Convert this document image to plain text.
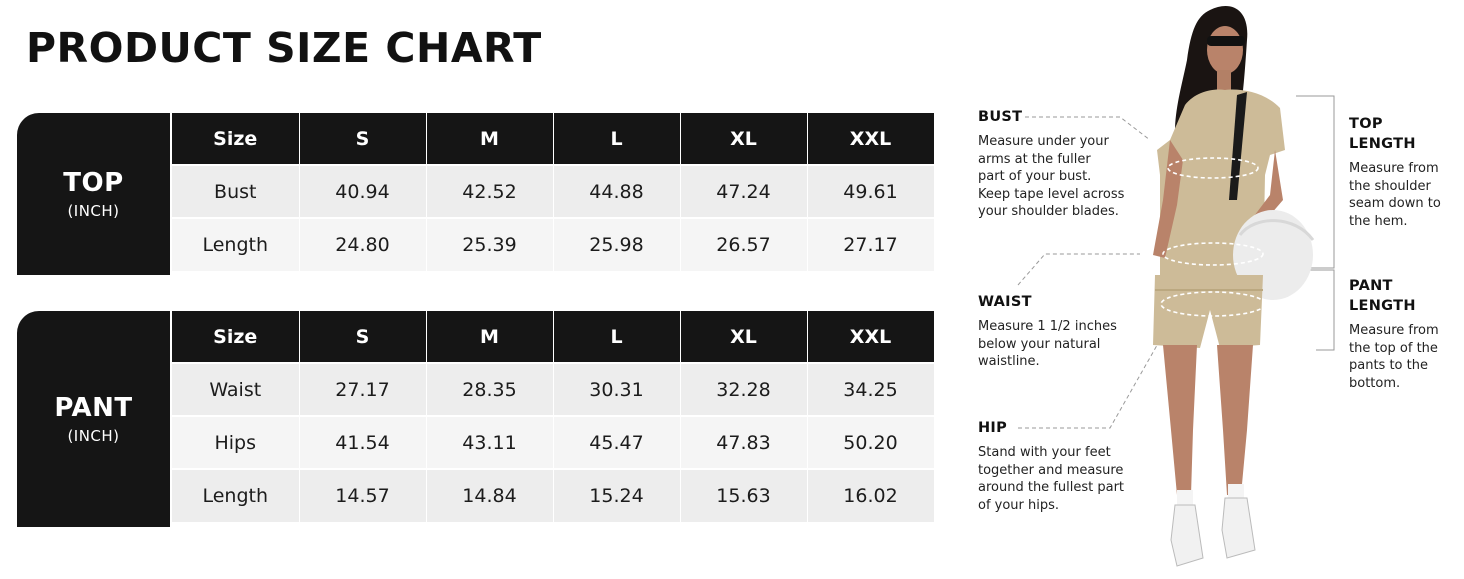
PRODUCT SIZE CHART
TOP
(INCH)
Size	S	M	L	XL	XXL
Bust	40.94	42.52	44.88	47.24	49.61
Length	24.80	25.39	25.98	26.57	27.17
PANT
(INCH)
Size	S	M	L	XL	XXL
Waist	27.17	28.35	30.31	32.28	34.25
Hips	41.54	43.11	45.47	47.83	50.20
Length	14.57	14.84	15.24	15.63	16.02
BUST
Measure under your
arms at the fuller
part of your bust.
Keep tape level across
your shoulder blades.
WAIST
Measure 1 1/2 inches
below your natural
waistline.
HIP
Stand with your feet
together and measure
around the fullest part
of your hips.
TOP
LENGTH
Measure from
the shoulder
seam down to
the hem.
PANT
LENGTH
Measure from
the top of the
pants to the
bottom.
